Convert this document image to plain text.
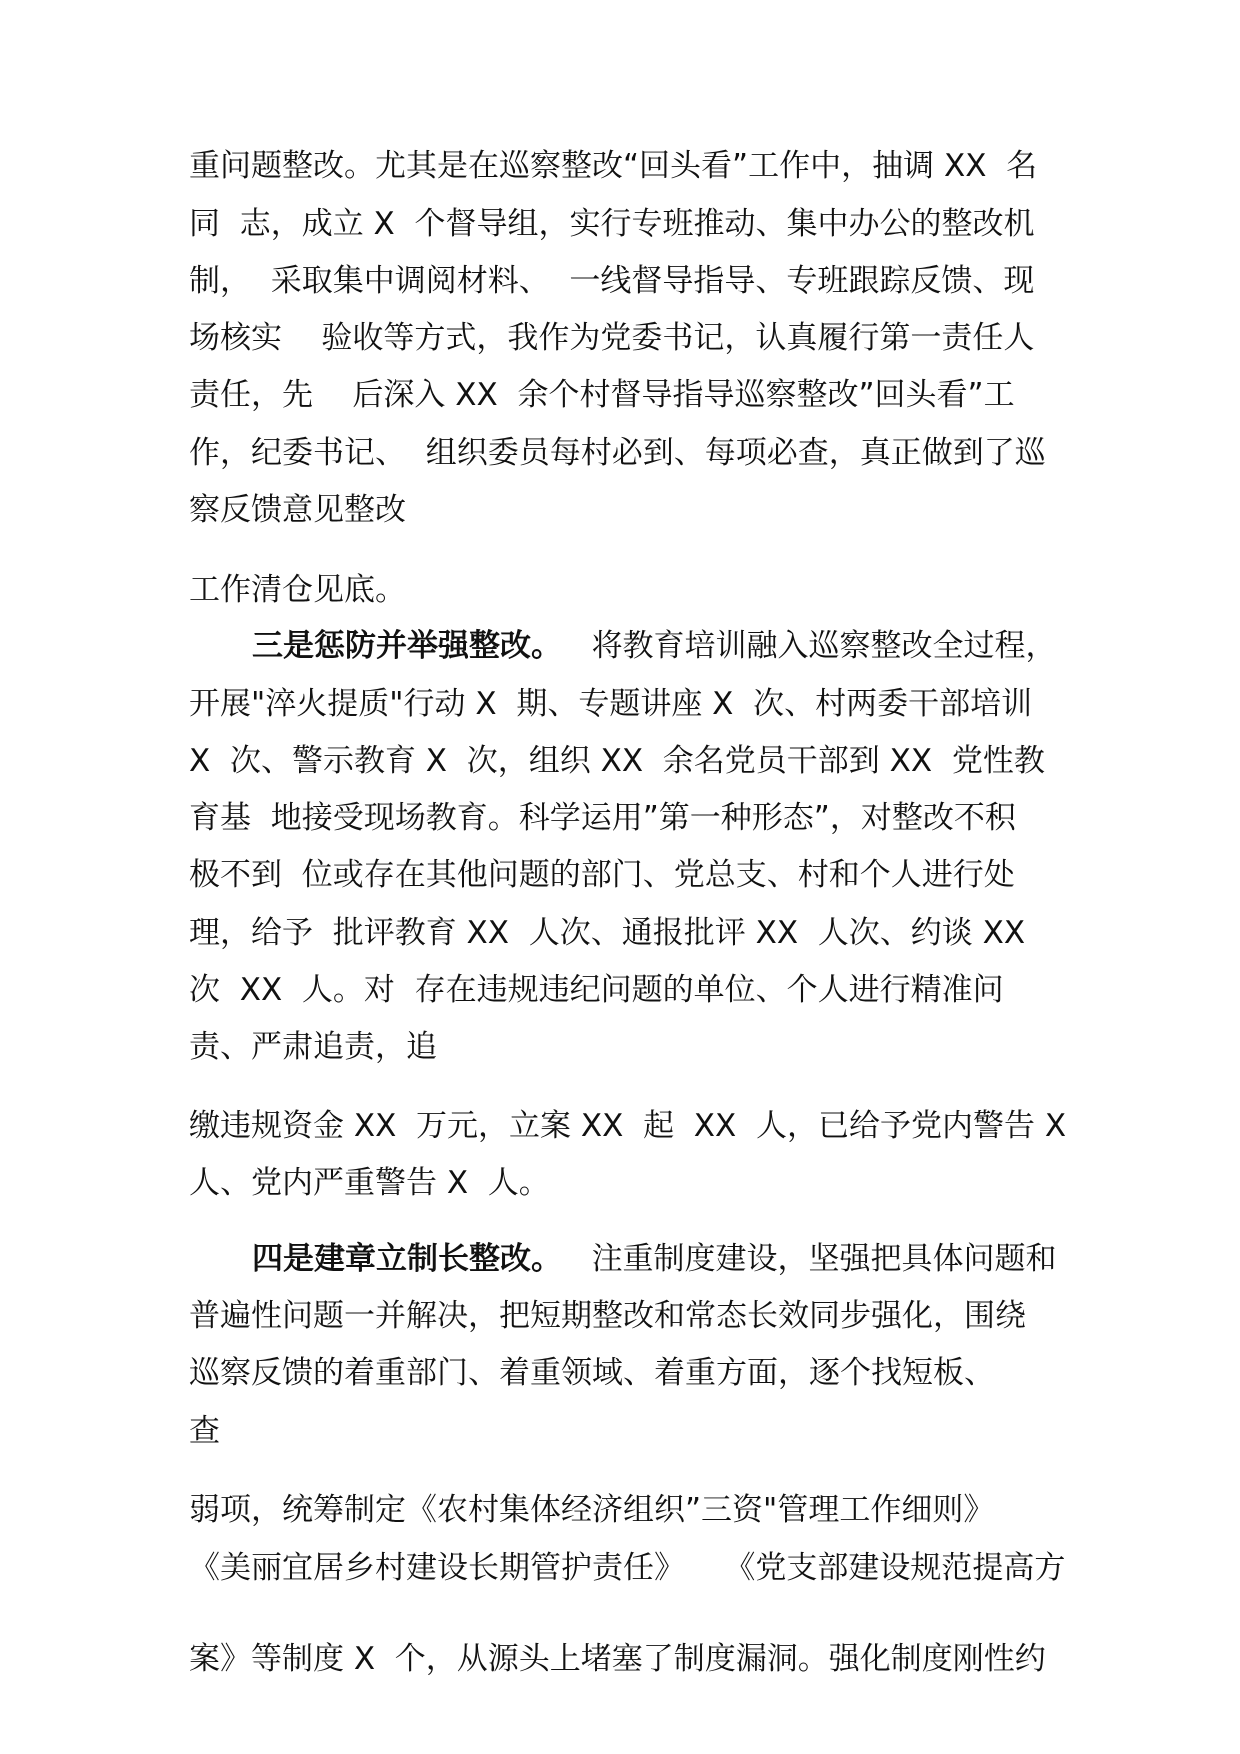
重问题整改。尤其是在巡察整改“回头看”工作中，抽调 XX  名
同  志，成立 X  个督导组，实行专班推动、集中办公的整改机
制，  采取集中调阅材料、  一线督导指导、专班跟踪反馈、现
场核实    验收等方式，我作为党委书记，认真履行第一责任人
责任，先    后深入 XX  余个村督导指导巡察整改”回头看”工
作，纪委书记、  组织委员每村必到、每项必查，真正做到了巡
察反馈意见整改
工作清仓见底。
三是惩防并举强整改。 将教育培训融入巡察整改全过程，
开展"淬火提质"行动 X  期、专题讲座 X  次、村两委干部培训
X  次、警示教育 X  次，组织 XX  余名党员干部到 XX  党性教
育基  地接受现场教育。科学运用”第一种形态”，对整改不积
极不到  位或存在其他问题的部门、党总支、村和个人进行处
理，给予  批评教育 XX  人次、通报批评 XX  人次、约谈 XX
次  XX  人。对  存在违规违纪问题的单位、个人进行精准问
责、严肃追责，追
缴违规资金 XX  万元，立案 XX  起  XX  人，已给予党内警告 X
人、党内严重警告 X  人。
四是建章立制长整改。 注重制度建设，坚强把具体问题和
普遍性问题一并解决，把短期整改和常态长效同步强化，围绕
巡察反馈的着重部门、着重领域、着重方面，逐个找短板、
查
弱项，统筹制定《农村集体经济组织”三资"管理工作细则》
《美丽宜居乡村建设长期管护责任》    《党支部建设规范提高方
案》等制度 X  个，从源头上堵塞了制度漏洞。强化制度刚性约
